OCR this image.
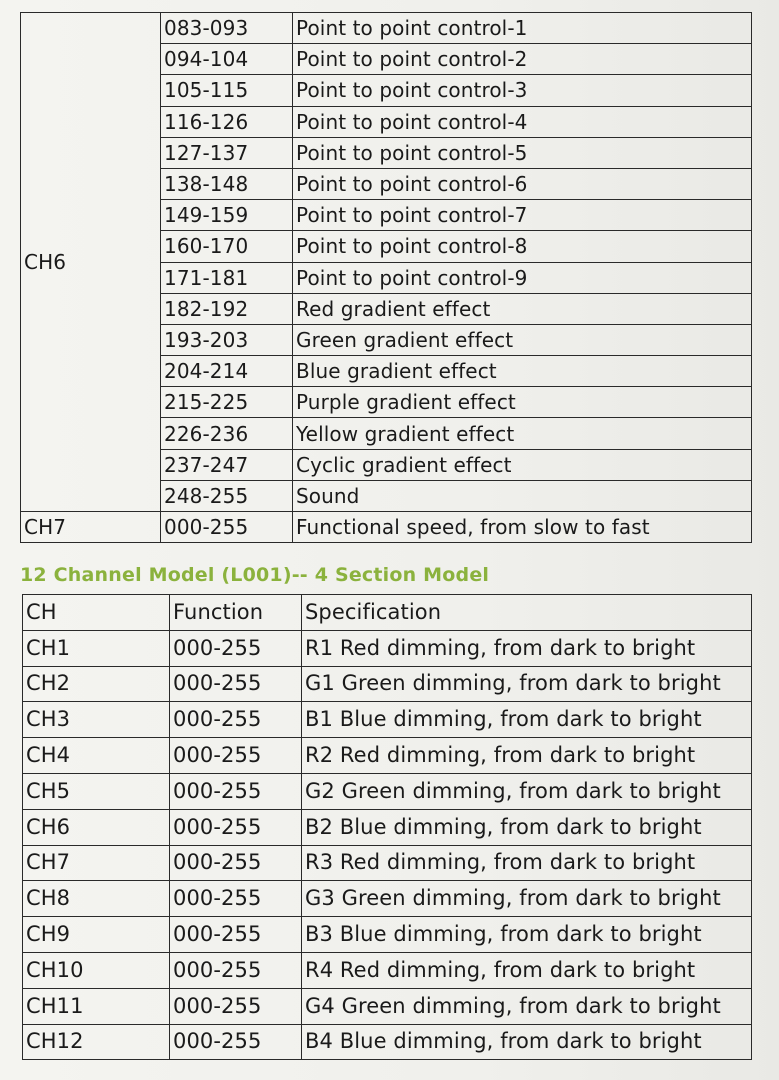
CH6	083-093	Point to point control-1
	094-104	Point to point control-2
	105-115	Point to point control-3
	116-126	Point to point control-4
	127-137	Point to point control-5
	138-148	Point to point control-6
	149-159	Point to point control-7
	160-170	Point to point control-8
	171-181	Point to point control-9
	182-192	Red gradient effect
	193-203	Green gradient effect
	204-214	Blue gradient effect
	215-225	Purple gradient effect
	226-236	Yellow gradient effect
	237-247	Cyclic gradient effect
	248-255	Sound
CH7	000-255	Functional speed, from slow to fast
12 Channel Model (L001)-- 4 Section Model
CH	Function	Specification
CH1	000-255	R1 Red dimming, from dark to bright
CH2	000-255	G1 Green dimming, from dark to bright
CH3	000-255	B1 Blue dimming, from dark to bright
CH4	000-255	R2 Red dimming, from dark to bright
CH5	000-255	G2 Green dimming, from dark to bright
CH6	000-255	B2 Blue dimming, from dark to bright
CH7	000-255	R3 Red dimming, from dark to bright
CH8	000-255	G3 Green dimming, from dark to bright
CH9	000-255	B3 Blue dimming, from dark to bright
CH10	000-255	R4 Red dimming, from dark to bright
CH11	000-255	G4 Green dimming, from dark to bright
CH12	000-255	B4 Blue dimming, from dark to bright
